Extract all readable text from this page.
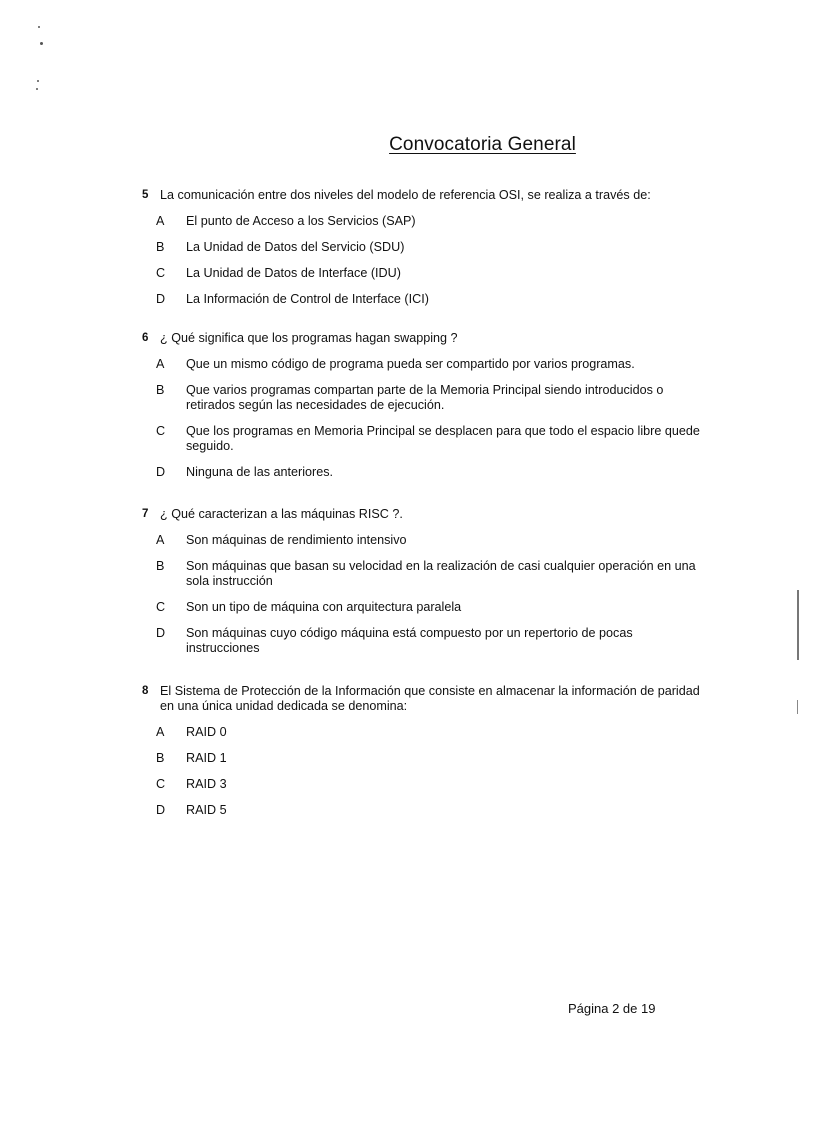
Convocatoria General
5 La comunicación entre dos niveles del modelo de referencia OSI, se realiza a través de:
A	El punto de Acceso a los Servicios (SAP)
B	La Unidad de Datos del Servicio (SDU)
C	La Unidad de Datos de Interface (IDU)
D	La Información de Control de Interface (ICI)
6 ¿ Qué significa que los programas hagan swapping ?
A	Que un mismo código de programa pueda ser compartido por varios programas.
B	Que varios programas compartan parte de la Memoria Principal siendo introducidos o retirados según las necesidades de ejecución.
C	Que los programas en Memoria Principal se desplacen para que todo el espacio libre quede seguido.
D	Ninguna de las anteriores.
7 ¿ Qué caracterizan a las máquinas RISC ?.
A	Son máquinas de rendimiento intensivo
B	Son máquinas que basan su velocidad en la realización de casi cualquier operación en una sola instrucción
C	Son un tipo de máquina con arquitectura paralela
D	Son máquinas cuyo código máquina está compuesto por un repertorio de pocas instrucciones
8 El Sistema de Protección de la Información que consiste en almacenar la información de paridad en una única unidad dedicada se denomina:
A	RAID 0
B	RAID 1
C	RAID 3
D	RAID 5
Página 2 de 19
